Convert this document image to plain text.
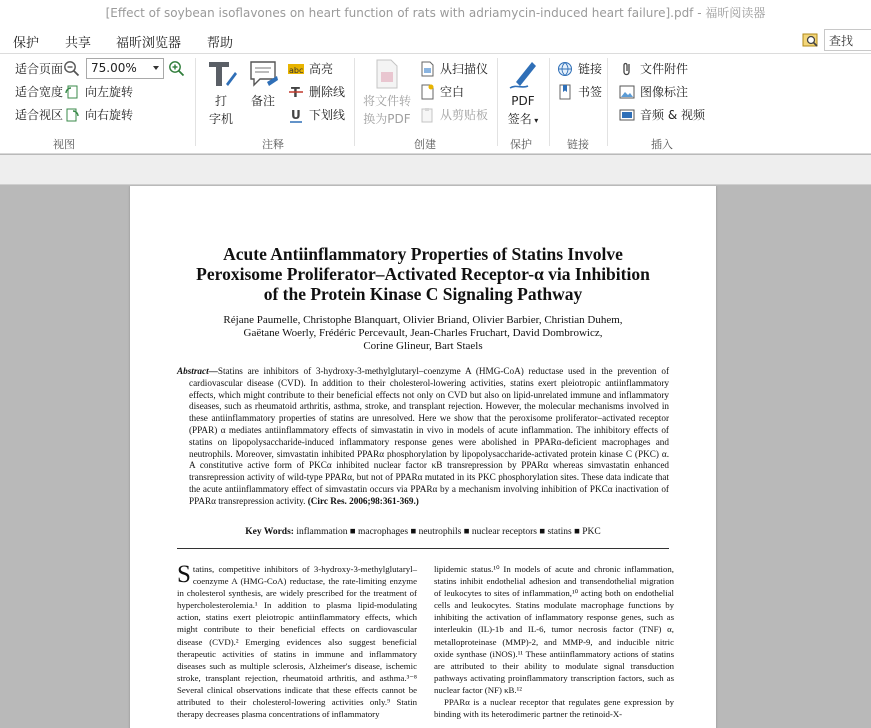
[Effect of soybean isoflavones on heart function of rats with adriamycin-induced heart failure].pdf - 福昕阅读器
保护 共享 福昕浏览器 帮助
查找
适合页面
适合宽度
适合视区
75.00%
向左旋转
向右旋转
视图
打
字机
备注
abc 高亮
T 删除线
U 下划线
注释
将文件转
换为PDF
从扫描仪
空白
从剪贴板
创建
PDF
签名 ▾
保护
链接
书签
链接
文件附件
图像标注
音频 & 视频
插入
Acute Antiinflammatory Properties of Statins Involve
Peroxisome Proliferator–Activated Receptor-α via Inhibition
of the Protein Kinase C Signaling Pathway
Réjane Paumelle, Christophe Blanquart, Olivier Briand, Olivier Barbier, Christian Duhem,
Gaëtane Woerly, Frédéric Percevault, Jean-Charles Fruchart, David Dombrowicz,
Corine Glineur, Bart Staels
Abstract—Statins are inhibitors of 3-hydroxy-3-methylglutaryl–coenzyme A (HMG-CoA) reductase used in the prevention of cardiovascular disease (CVD). In addition to their cholesterol-lowering activities, statins exert pleiotropic antiinflammatory effects, which might contribute to their beneficial effects not only on CVD but also on lipid-unrelated immune and inflammatory diseases, such as rheumatoid arthritis, asthma, stroke, and transplant rejection. However, the molecular mechanisms involved in these antiinflammatory properties of statins are unresolved. Here we show that the peroxisome proliferator–activated receptor (PPAR) α mediates antiinflammatory effects of simvastatin in vivo in models of acute inflammation. The inhibitory effects of statins on lipopolysaccharide-induced inflammatory response genes were abolished in PPARα-deficient macrophages and neutrophils. Moreover, simvastatin inhibited PPARα phosphorylation by lipopolysaccharide-activated protein kinase C (PKC) α. A constitutive active form of PKCα inhibited nuclear factor κB transrepression by PPARα whereas simvastatin enhanced transrepression activity of wild-type PPARα, but not of PPARα mutated in its PKC phosphorylation sites. These data indicate that the acute antiinflammatory effect of simvastatin occurs via PPARα by a mechanism involving inhibition of PKCα inactivation of PPARα transrepression activity. (Circ Res. 2006;98:361-369.)
Key Words: inflammation ■ macrophages ■ neutrophils ■ nuclear receptors ■ statins ■ PKC
Statins, competitive inhibitors of 3-hydroxy-3-methylglutaryl–coenzyme A (HMG-CoA) reductase, the rate-limiting enzyme in cholesterol synthesis, are widely prescribed for the treatment of hypercholesterolemia.¹ In addition to plasma lipid-modulating action, statins exert pleiotropic antiinflammatory effects, which might contribute to their beneficial effects on cardiovascular disease (CVD).² Emerging evidences also suggest beneficial therapeutic activities of statins in immune and inflammatory diseases such as multiple sclerosis, Alzheimer's disease, ischemic stroke, transplant rejection, rheumatoid arthritis, and asthma.³⁻⁸ Several clinical observations indicate that these effects cannot be attributed to their cholesterol-lowering activities only.⁹ Statin therapy decreases plasma concentrations of inflammatory
lipidemic status.¹⁰ In models of acute and chronic inflammation, statins inhibit endothelial adhesion and transendothelial migration of leukocytes to sites of inflammation,¹⁰ acting both on endothelial cells and leukocytes. Statins modulate macrophage functions by inhibiting the activation of inflammatory response genes, such as interleukin (IL)-1b and IL-6, tumor necrosis factor (TNF) α, metalloproteinase (MMP)-2, and MMP-9, and inducible nitric oxide synthase (iNOS).¹¹ These antiinflammatory actions of statins are attributed to their ability to modulate signal transduction pathways activating proinflammatory transcription factors, such as nuclear factor (NF) κB.¹²
PPARα is a nuclear receptor that regulates gene expression by binding with its heterodimeric partner the retinoid-X-
